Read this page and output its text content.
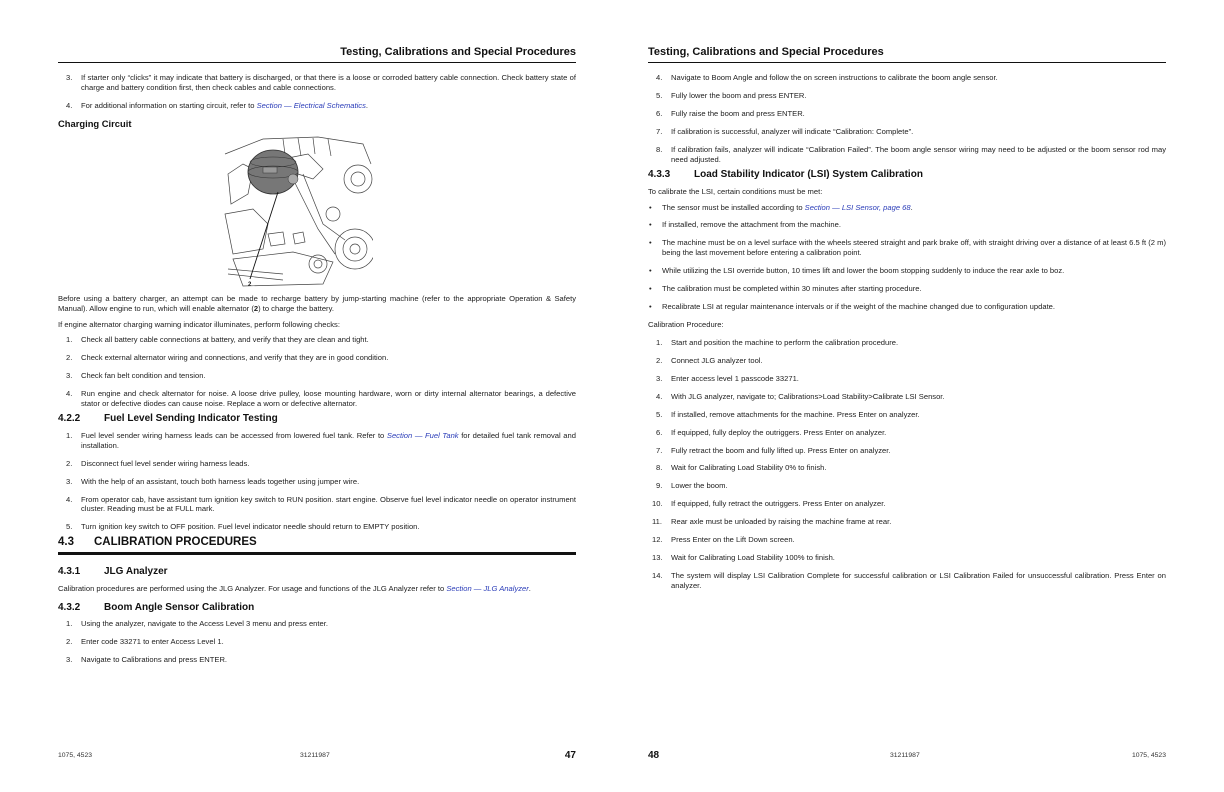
Testing, Calibrations and Special Procedures
3. If starter only “clicks” it may indicate that battery is discharged, or that there is a loose or corroded battery cable connection. Check battery state of charge and battery condition first, then check cables and cable connections.
4. For additional information on starting circuit, refer to Section — Electrical Schematics.
Charging Circuit
2

Before using a battery charger, an attempt can be made to recharge battery by jump-starting machine (refer to the appropriate Operation & Safety Manual). Allow engine to run, which will enable alternator (2) to charge the battery.

If engine alternator charging warning indicator illuminates, perform following checks:

1. Check all battery cable connections at battery, and verify that they are clean and tight.
2. Check external alternator wiring and connections, and verify that they are in good condition.
3. Check fan belt condition and tension.
4. Run engine and check alternator for noise. A loose drive pulley, loose mounting hardware, worn or dirty internal alternator bearings, a defective stator or defective diodes can cause noise. Replace a worn or defective alternator.
4.2.2	Fuel Level Sending Indicator Testing
1. Fuel level sender wiring harness leads can be accessed from lowered fuel tank. Refer to Section — Fuel Tank for detailed fuel tank removal and installation.
2. Disconnect fuel level sender wiring harness leads.
3. With the help of an assistant, touch both harness leads together using jumper wire.
4. From operator cab, have assistant turn ignition key switch to RUN position. start engine. Observe fuel level indicator needle on operator instrument cluster. Reading must be at FULL mark.
5. Turn ignition key switch to OFF position. Fuel level indicator needle should return to EMPTY position.
4.3	CALIBRATION PROCEDURES
4.3.1	JLG Analyzer

Calibration procedures are performed using the JLG Analyzer. For usage and functions of the JLG Analyzer refer to Section — JLG Analyzer.

4.3.2	Boom Angle Sensor Calibration
1. Using the analyzer, navigate to the Access Level 3 menu and press enter.
2. Enter code 33271 to enter Access Level 1.
3. Navigate to Calibrations and press ENTER.
1075, 4523	31211987	47
Testing, Calibrations and Special Procedures
4. Navigate to Boom Angle and follow the on screen instructions to calibrate the boom angle sensor.
5. Fully lower the boom and press ENTER.
6. Fully raise the boom and press ENTER.
7. If calibration is successful, analyzer will indicate “Calibration: Complete”.
8. If calibration fails, analyzer will indicate “Calibration Failed”. The boom angle sensor wiring may need to be adjusted or the boom sensor rod may need adjusted.
4.3.3	Load Stability Indicator (LSI) System Calibration

To calibrate the LSI, certain conditions must be met:

• The sensor must be installed according to Section — LSI Sensor, page 68.
• If installed, remove the attachment from the machine.
• The machine must be on a level surface with the wheels steered straight and park brake off, with straight driving over a distance of at least 6.5 ft (2 m) being the last movement before entering a calibration point.
• While utilizing the LSI override button, 10 times lift and lower the boom stopping suddenly to induce the rear axle to boz.
• The calibration must be completed within 30 minutes after starting procedure.
• Recalibrate LSI at regular maintenance intervals or if the weight of the machine changed due to configuration update.

Calibration Procedure:

1. Start and position the machine to perform the calibration procedure.
2. Connect JLG analyzer tool.
3. Enter access level 1 passcode 33271.
4. With JLG analyzer, navigate to; Calibrations>Load Stability>Calibrate LSI Sensor.
5. If installed, remove attachments for the machine. Press Enter on analyzer.
6. If equipped, fully deploy the outriggers. Press Enter on analyzer.
7. Fully retract the boom and fully lifted up. Press Enter on analyzer.
8. Wait for Calibrating Load Stability 0% to finish.
9. Lower the boom.
10. If equipped, fully retract the outriggers. Press Enter on analyzer.
11. Rear axle must be unloaded by raising the machine frame at rear.
12. Press Enter on the Lift Down screen.
13. Wait for Calibrating Load Stability 100% to finish.
14. The system will display LSI Calibration Complete for successful calibration or LSI Calibration Failed for unsuccessful calibration. Press Enter on analyzer.
48	31211987	1075, 4523
